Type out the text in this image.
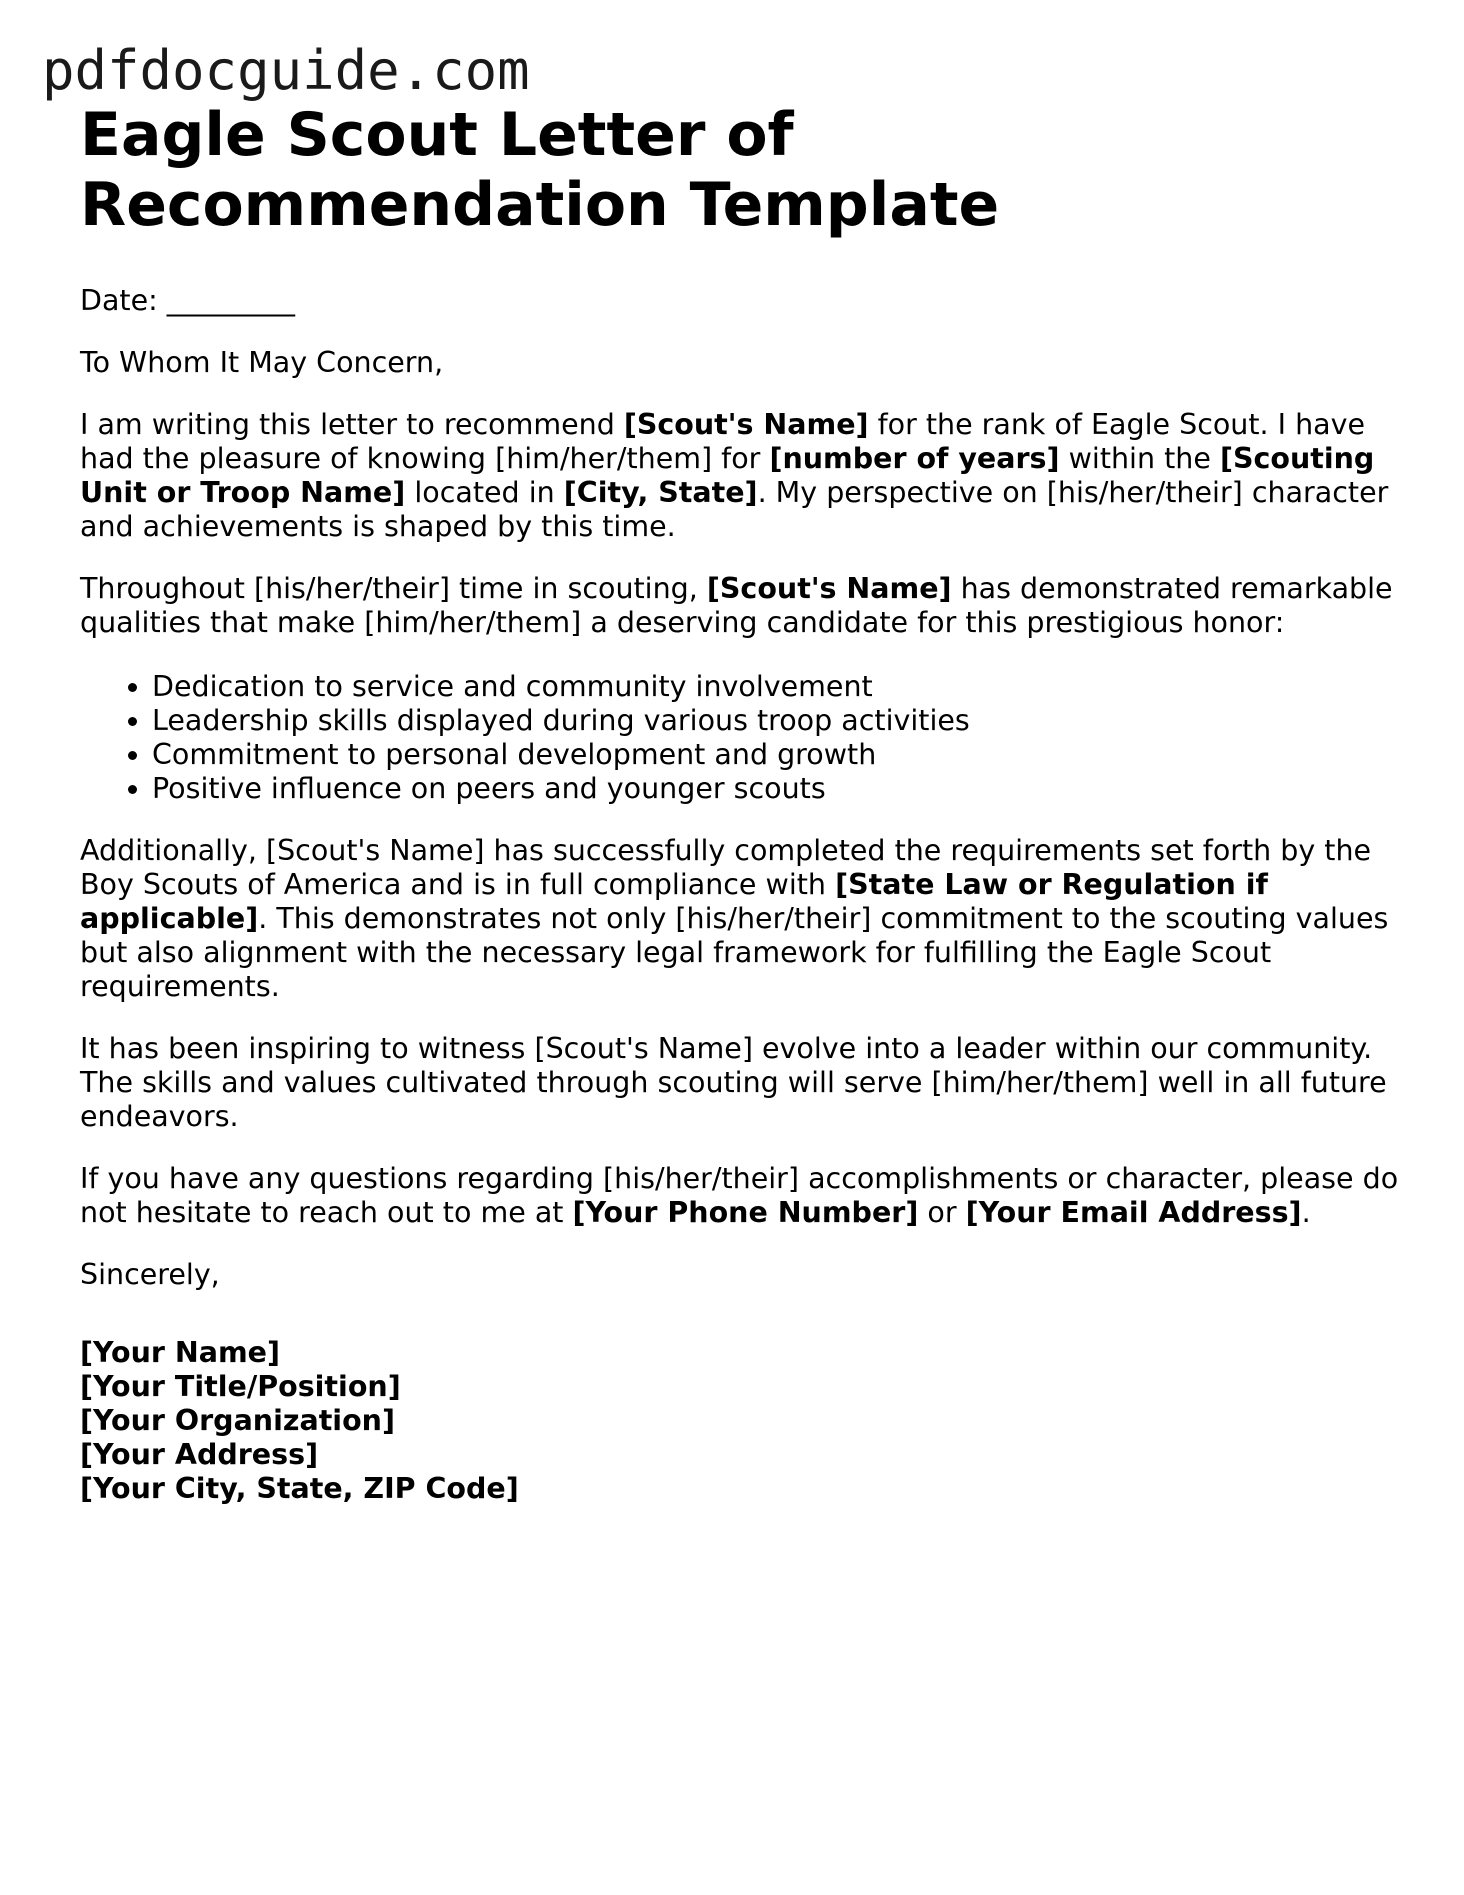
pdfdocguide.com
Eagle Scout Letter of Recommendation Template

Date: _________

To Whom It May Concern,

I am writing this letter to recommend [Scout's Name] for the rank of Eagle Scout. I have had the pleasure of knowing [him/her/them] for [number of years] within the [Scouting Unit or Troop Name] located in [City, State]. My perspective on [his/her/their] character and achievements is shaped by this time.

Throughout [his/her/their] time in scouting, [Scout's Name] has demonstrated remarkable qualities that make [him/her/them] a deserving candidate for this prestigious honor:

• Dedication to service and community involvement
• Leadership skills displayed during various troop activities
• Commitment to personal development and growth
• Positive influence on peers and younger scouts

Additionally, [Scout's Name] has successfully completed the requirements set forth by the Boy Scouts of America and is in full compliance with [State Law or Regulation if applicable]. This demonstrates not only [his/her/their] commitment to the scouting values but also alignment with the necessary legal framework for fulfilling the Eagle Scout requirements.

It has been inspiring to witness [Scout's Name] evolve into a leader within our community. The skills and values cultivated through scouting will serve [him/her/them] well in all future endeavors.

If you have any questions regarding [his/her/their] accomplishments or character, please do not hesitate to reach out to me at [Your Phone Number] or [Your Email Address].

Sincerely,

[Your Name]
[Your Title/Position]
[Your Organization]
[Your Address]
[Your City, State, ZIP Code]
